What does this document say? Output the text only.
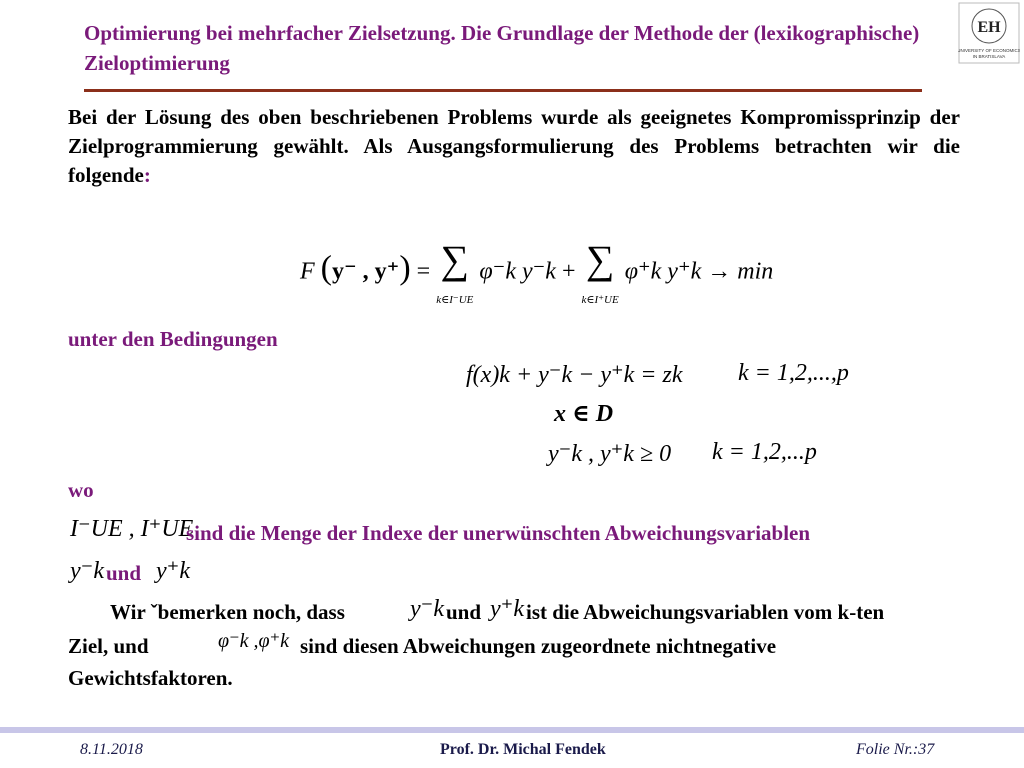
Optimierung bei mehrfacher Zielsetzung. Die Grundlage der Methode der (lexikographische) Zieloptimierung
EH
UNIVERSITY OF ECONOMICS
IN BRATISLAVA
Bei der Lösung des oben beschriebenen Problems wurde als geeignetes Kompromissprinzip der Zielprogrammierung gewählt. Als Ausgangsformulierung des Problems betrachten wir die folgende:
F (y⁻ , y⁺) = ∑
k∈I⁻UE φ⁻k y⁻k + ∑
k∈I⁺UE φ⁺k y⁺k → min
unter den Bedingungen
f(x)k + y⁻k − y⁺k = zk k = 1,2,...,p
x ∈ D
y⁻k , y⁺k ≥ 0 k = 1,2,...p
wo
I⁻UE , I⁺UE
sind die Menge der Indexe der unerwünschten Abweichungsvariablen
y⁻k und y⁺k
Wir ˇbemerken noch, dass	y⁻k und y⁺k ist die Abweichungsvariablen vom k-ten
Ziel, und	φ⁻k ,φ⁺k sind diesen Abweichungen zugeordnete nichtnegative
Gewichtsfaktoren.
8.11.2018	Prof. Dr. Michal Fendek	Folie Nr.:37
